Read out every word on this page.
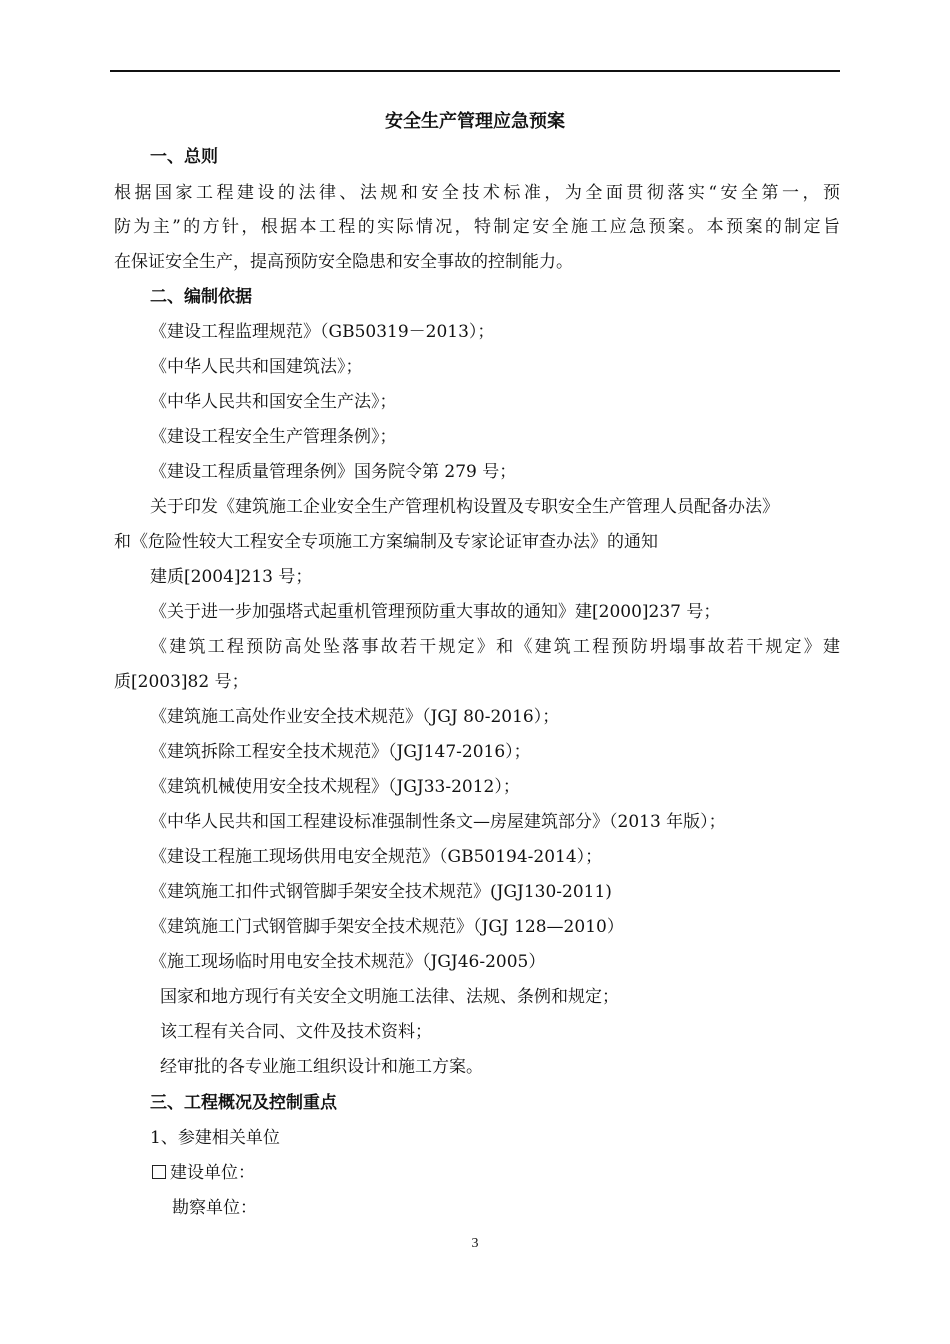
安全生产管理应急预案
一、总则
根据国家工程建设的法律、法规和安全技术标准，为全面贯彻落实“安全第一，预
防为主”的方针，根据本工程的实际情况，特制定安全施工应急预案。本预案的制定旨
在保证安全生产，提高预防安全隐患和安全事故的控制能力。
二、编制依据
《建设工程监理规范》（GB50319－2013）；
《中华人民共和国建筑法》；
《中华人民共和国安全生产法》；
《建设工程安全生产管理条例》；
《建设工程质量管理条例》国务院令第 279 号；
关于印发《建筑施工企业安全生产管理机构设置及专职安全生产管理人员配备办法》
和《危险性较大工程安全专项施工方案编制及专家论证审查办法》的通知
建质[2004]213 号；
《关于进一步加强塔式起重机管理预防重大事故的通知》建[2000]237 号；
《建筑工程预防高处坠落事故若干规定》和《建筑工程预防坍塌事故若干规定》建
质[2003]82 号；
《建筑施工高处作业安全技术规范》（JGJ 80-2016）；
《建筑拆除工程安全技术规范》（JGJ147-2016）；
《建筑机械使用安全技术规程》（JGJ33-2012）；
《中华人民共和国工程建设标准强制性条文—房屋建筑部分》（2013 年版）；
《建设工程施工现场供用电安全规范》（GB50194-2014）；
《建筑施工扣件式钢管脚手架安全技术规范》(JGJ130-2011)
《建筑施工门式钢管脚手架安全技术规范》（JGJ 128—2010）
《施工现场临时用电安全技术规范》（JGJ46-2005）
国家和地方现行有关安全文明施工法律、法规、条例和规定；
该工程有关合同、文件及技术资料；
经审批的各专业施工组织设计和施工方案。
三、工程概况及控制重点
1、参建相关单位
建设单位：
勘察单位：
3
